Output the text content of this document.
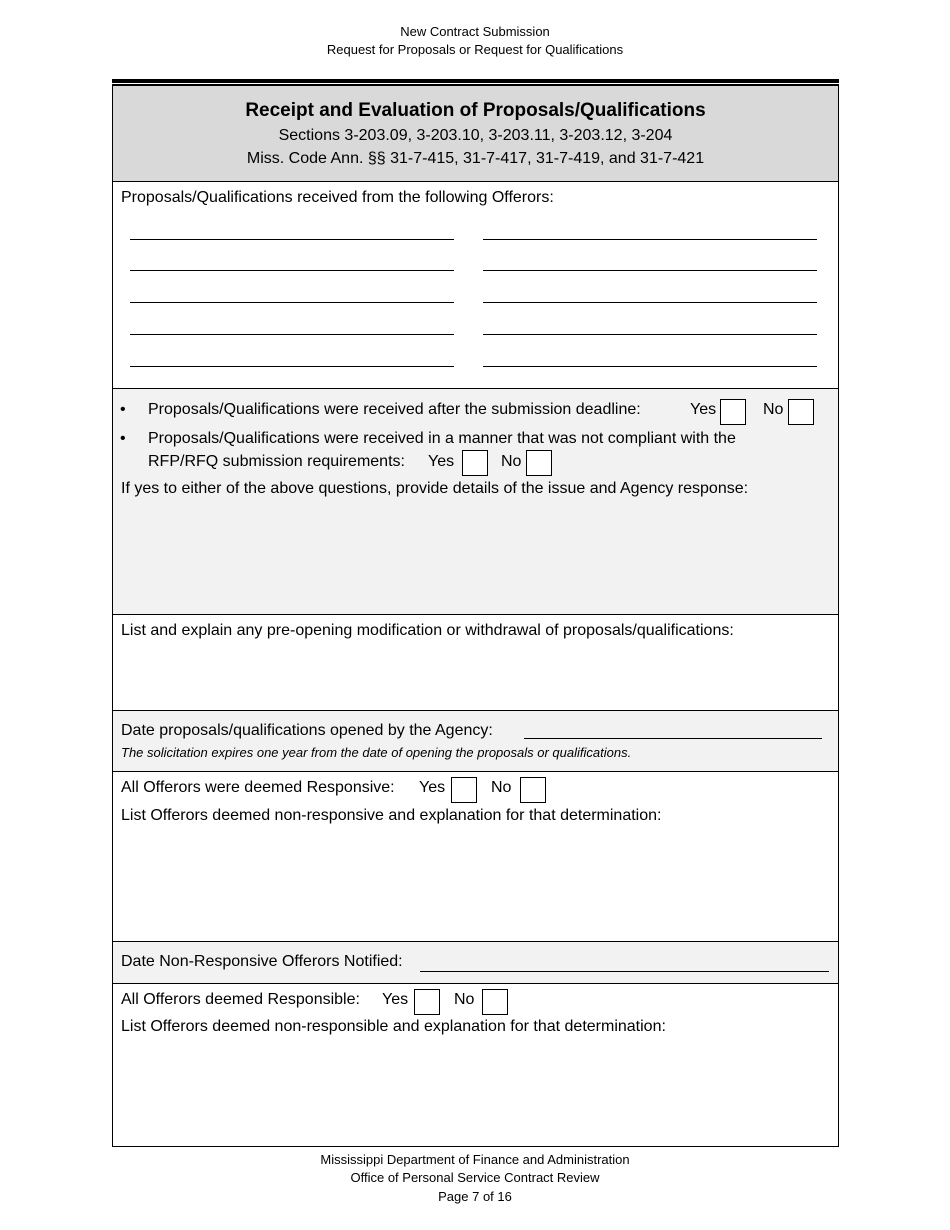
New Contract Submission
Request for Proposals or Request for Qualifications
Receipt and Evaluation of Proposals/Qualifications
Sections 3-203.09, 3-203.10, 3-203.11, 3-203.12, 3-204
Miss. Code Ann. §§ 31-7-415, 31-7-417, 31-7-419, and 31-7-421
Proposals/Qualifications received from the following Offerors:
• Proposals/Qualifications were received after the submission deadline:	Yes	No
• Proposals/Qualifications were received in a manner that was not compliant with the
RFP/RFQ submission requirements: Yes	No
If yes to either of the above questions, provide details of the issue and Agency response:
List and explain any pre-opening modification or withdrawal of proposals/qualifications:
Date proposals/qualifications opened by the Agency:
The solicitation expires one year from the date of opening the proposals or qualifications.
All Offerors were deemed Responsive: Yes	No
List Offerors deemed non-responsive and explanation for that determination:
Date Non-Responsive Offerors Notified:
All Offerors deemed Responsible: Yes	No
List Offerors deemed non-responsible and explanation for that determination:
Mississippi Department of Finance and Administration
Office of Personal Service Contract Review
Page 7 of 16
